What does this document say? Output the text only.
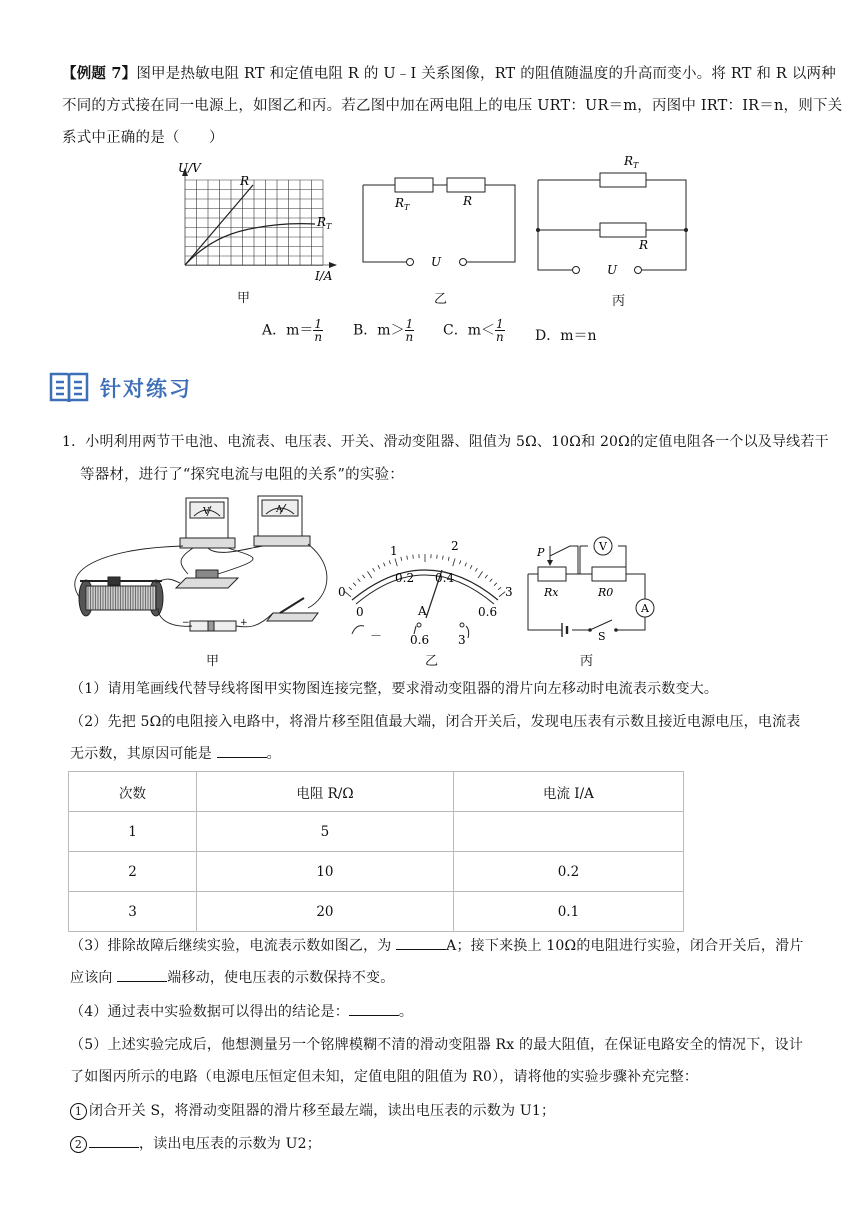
【例题 7】图甲是热敏电阻 RT 和定值电阻 R 的 U﹣I 关系图像，RT 的阻值随温度的升高而变小。将 RT 和 R 以两种
不同的方式接在同一电源上，如图乙和丙。若乙图中加在两电阻上的电压 URT：UR＝m，丙图中 IRT：IR＝n，则下关
系式中正确的是（　　）
U/V
I/A
R
$R_T$
甲
$R_T$	R
U
乙
$R_T$
R
U
丙
A．$m= \frac{1}{n}$ B．$m> \frac{1}{n}$ C．$m< \frac{1}{n}$ D．m＝n
针对练习
1．小明利用两节干电池、电流表、电压表、开关、滑动变阻器、阻值为 5Ω、10Ω和 20Ω的定值电阻各一个以及导线若干
等器材，进行了“探究电流与电阻的关系”的实验：
V	A
−	+
甲
0
1	2
3
0
0.2 0.4
0.6
A
－ 0.6 3
乙
P	V
A
Rx	R0
S
丙
（1）请用笔画线代替导线将图甲实物图连接完整，要求滑动变阻器的滑片向左移动时电流表示数变大。
（2）先把 5Ω的电阻接入电路中，将滑片移至阻值最大端，闭合开关后，发现电压表有示数且接近电源电压，电流表
无示数，其原因可能是	。
次数	电阻 R/Ω	电流 I/A
1	5	
2	10	0.2
3	20	0.1
（3）排除故障后继续实验，电流表示数如图乙，为	A；接下来换上 10Ω的电阻进行实验，闭合开关后，滑片
应该向	端移动，使电压表的示数保持不变。
（4）通过表中实验数据可以得出的结论是：	。
（5）上述实验完成后，他想测量另一个铭牌模糊不清的滑动变阻器 Rx 的最大阻值，在保证电路安全的情况下，设计
了如图丙所示的电路（电源电压恒定但未知，定值电阻的阻值为 R0），请将他的实验步骤补充完整：
1 闭合开关 S，将滑动变阻器的滑片移至最左端，读出电压表的示数为 U1；
2	，读出电压表的示数为 U2；
